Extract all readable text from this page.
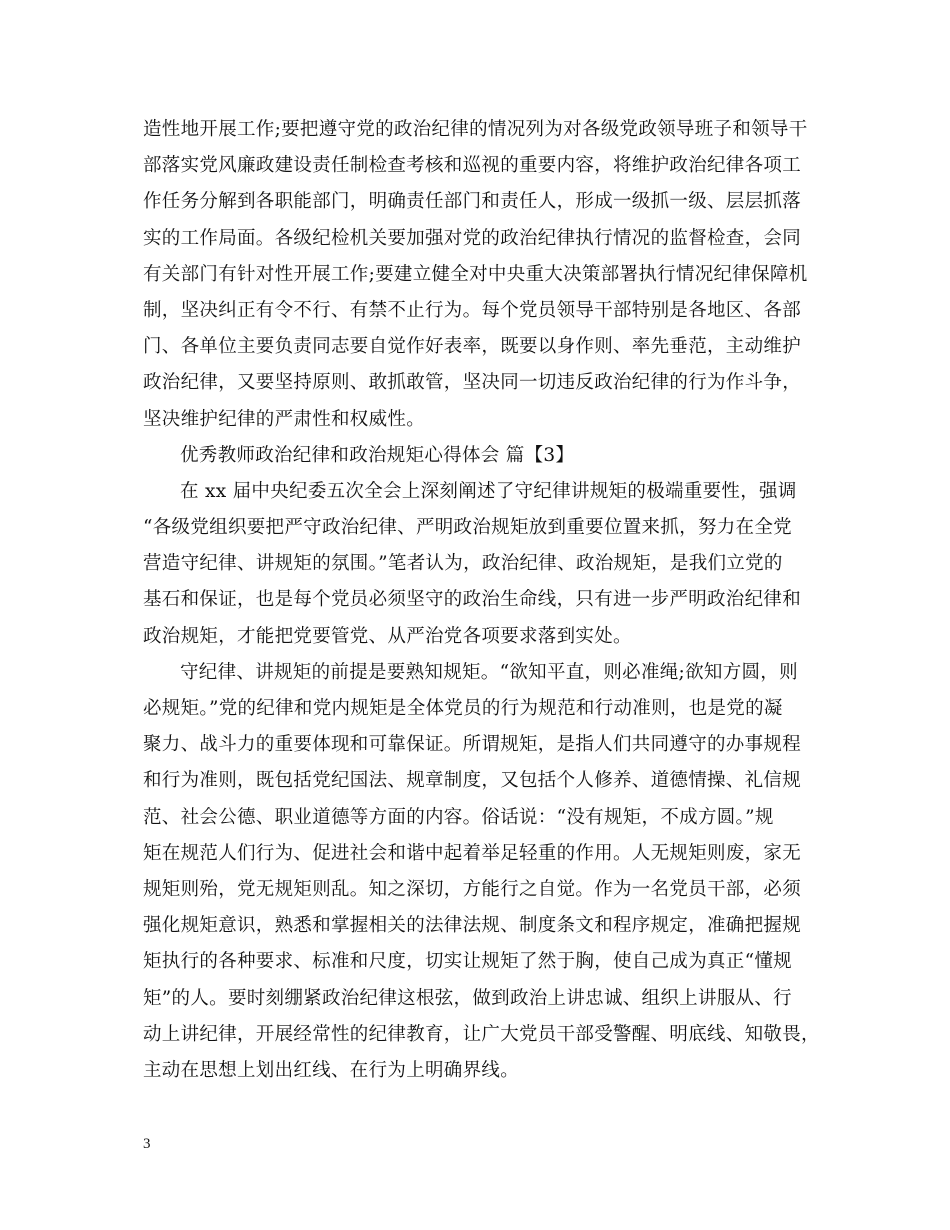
造性地开展工作;要把遵守党的政治纪律的情况列为对各级党政领导班子和领导干
部落实党风廉政建设责任制检查考核和巡视的重要内容，将维护政治纪律各项工
作任务分解到各职能部门，明确责任部门和责任人，形成一级抓一级、层层抓落
实的工作局面。各级纪检机关要加强对党的政治纪律执行情况的监督检查，会同
有关部门有针对性开展工作;要建立健全对中央重大决策部署执行情况纪律保障机
制，坚决纠正有令不行、有禁不止行为。每个党员领导干部特别是各地区、各部
门、各单位主要负责同志要自觉作好表率，既要以身作则、率先垂范，主动维护
政治纪律，又要坚持原则、敢抓敢管，坚决同一切违反政治纪律的行为作斗争，
坚决维护纪律的严肃性和权威性。
优秀教师政治纪律和政治规矩心得体会 篇【3】
在 xx 届中央纪委五次全会上深刻阐述了守纪律讲规矩的极端重要性，强调
“各级党组织要把严守政治纪律、严明政治规矩放到重要位置来抓，努力在全党
营造守纪律、讲规矩的氛围。”笔者认为，政治纪律、政治规矩，是我们立党的
基石和保证，也是每个党员必须坚守的政治生命线，只有进一步严明政治纪律和
政治规矩，才能把党要管党、从严治党各项要求落到实处。
守纪律、讲规矩的前提是要熟知规矩。“欲知平直，则必准绳;欲知方圆，则
必规矩。”党的纪律和党内规矩是全体党员的行为规范和行动准则，也是党的凝
聚力、战斗力的重要体现和可靠保证。所谓规矩，是指人们共同遵守的办事规程
和行为准则，既包括党纪国法、规章制度，又包括个人修养、道德情操、礼信规
范、社会公德、职业道德等方面的内容。俗话说：“没有规矩，不成方圆。”规
矩在规范人们行为、促进社会和谐中起着举足轻重的作用。人无规矩则废，家无
规矩则殆，党无规矩则乱。知之深切，方能行之自觉。作为一名党员干部，必须
强化规矩意识，熟悉和掌握相关的法律法规、制度条文和程序规定，准确把握规
矩执行的各种要求、标准和尺度，切实让规矩了然于胸，使自己成为真正“懂规
矩”的人。要时刻绷紧政治纪律这根弦，做到政治上讲忠诚、组织上讲服从、行
动上讲纪律，开展经常性的纪律教育，让广大党员干部受警醒、明底线、知敬畏，
主动在思想上划出红线、在行为上明确界线。
3
